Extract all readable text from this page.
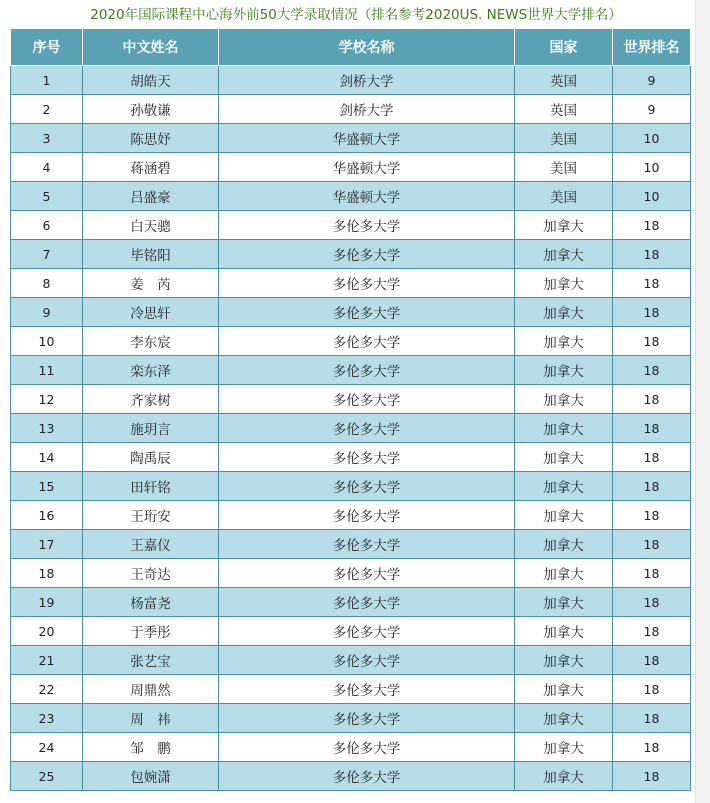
2020年国际课程中心海外前50大学录取情况（排名参考2020US. NEWS世界大学排名）
序号	中文姓名	学校名称	国家	世界排名
1	胡皓天	剑桥大学	英国	9
2	孙敬谦	剑桥大学	英国	9
3	陈思妤	华盛顿大学	美国	10
4	蒋涵碧	华盛顿大学	美国	10
5	吕盛豪	华盛顿大学	美国	10
6	白天骢	多伦多大学	加拿大	18
7	毕铭阳	多伦多大学	加拿大	18
8	姜　芮	多伦多大学	加拿大	18
9	冷思轩	多伦多大学	加拿大	18
10	李东宸	多伦多大学	加拿大	18
11	栾东泽	多伦多大学	加拿大	18
12	齐家树	多伦多大学	加拿大	18
13	施玥言	多伦多大学	加拿大	18
14	陶禹辰	多伦多大学	加拿大	18
15	田轩铭	多伦多大学	加拿大	18
16	王珩安	多伦多大学	加拿大	18
17	王嘉仪	多伦多大学	加拿大	18
18	王奇达	多伦多大学	加拿大	18
19	杨富尧	多伦多大学	加拿大	18
20	于季彤	多伦多大学	加拿大	18
21	张艺宝	多伦多大学	加拿大	18
22	周鼎然	多伦多大学	加拿大	18
23	周　祎	多伦多大学	加拿大	18
24	邹　鹏	多伦多大学	加拿大	18
25	包婉潇	多伦多大学	加拿大	18
